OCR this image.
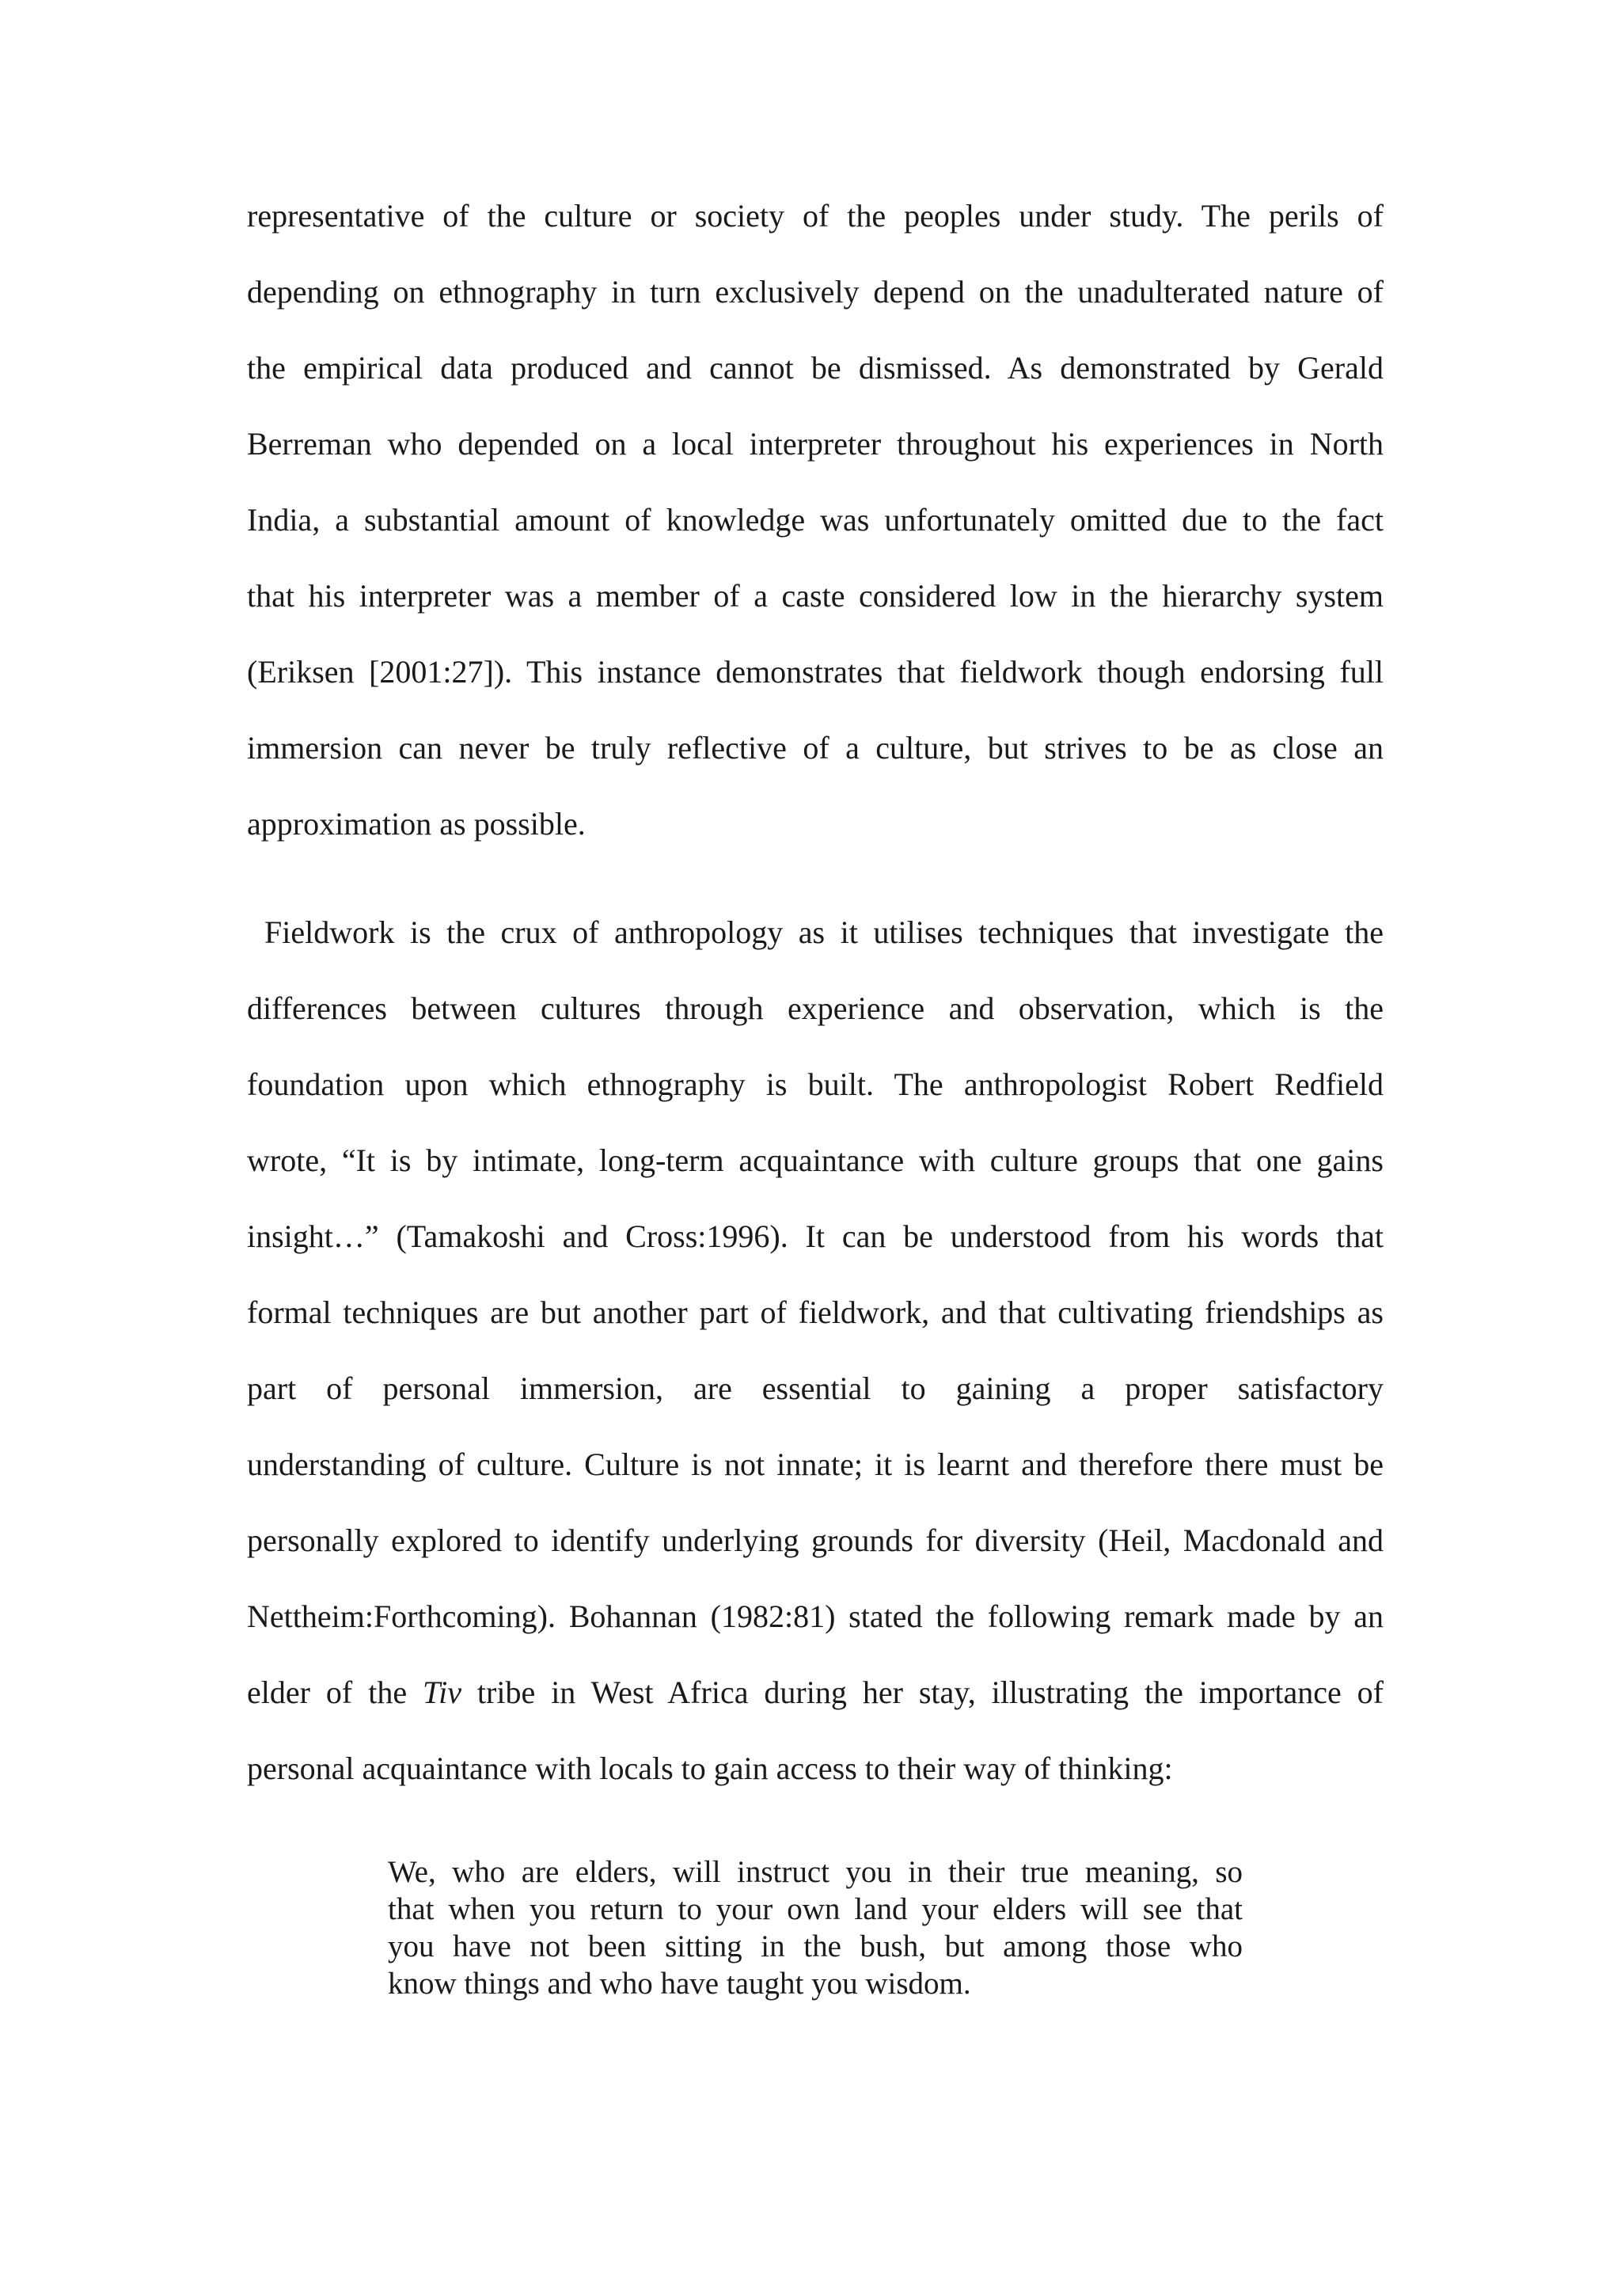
representative of the culture or society of the peoples under study. The perils of
depending on ethnography in turn exclusively depend on the unadulterated nature of
the empirical data produced and cannot be dismissed. As demonstrated by Gerald
Berreman who depended on a local interpreter throughout his experiences in North
India, a substantial amount of knowledge was unfortunately omitted due to the fact
that his interpreter was a member of a caste considered low in the hierarchy system
(Eriksen [2001:27]). This instance demonstrates that fieldwork though endorsing full
immersion can never be truly reflective of a culture, but strives to be as close an
approximation as possible.
Fieldwork is the crux of anthropology as it utilises techniques that investigate the
differences between cultures through experience and observation, which is the
foundation upon which ethnography is built. The anthropologist Robert Redfield
wrote, “It is by intimate, long-term acquaintance with culture groups that one gains
insight…” (Tamakoshi and Cross:1996). It can be understood from his words that
formal techniques are but another part of fieldwork, and that cultivating friendships as
part of personal immersion, are essential to gaining a proper satisfactory
understanding of culture. Culture is not innate; it is learnt and therefore there must be
personally explored to identify underlying grounds for diversity (Heil, Macdonald and
Nettheim:Forthcoming). Bohannan (1982:81) stated the following remark made by an
elder of the Tiv tribe in West Africa during her stay, illustrating the importance of
personal acquaintance with locals to gain access to their way of thinking:
We, who are elders, will instruct you in their true meaning, so
that when you return to your own land your elders will see that
you have not been sitting in the bush, but among those who
know things and who have taught you wisdom.
